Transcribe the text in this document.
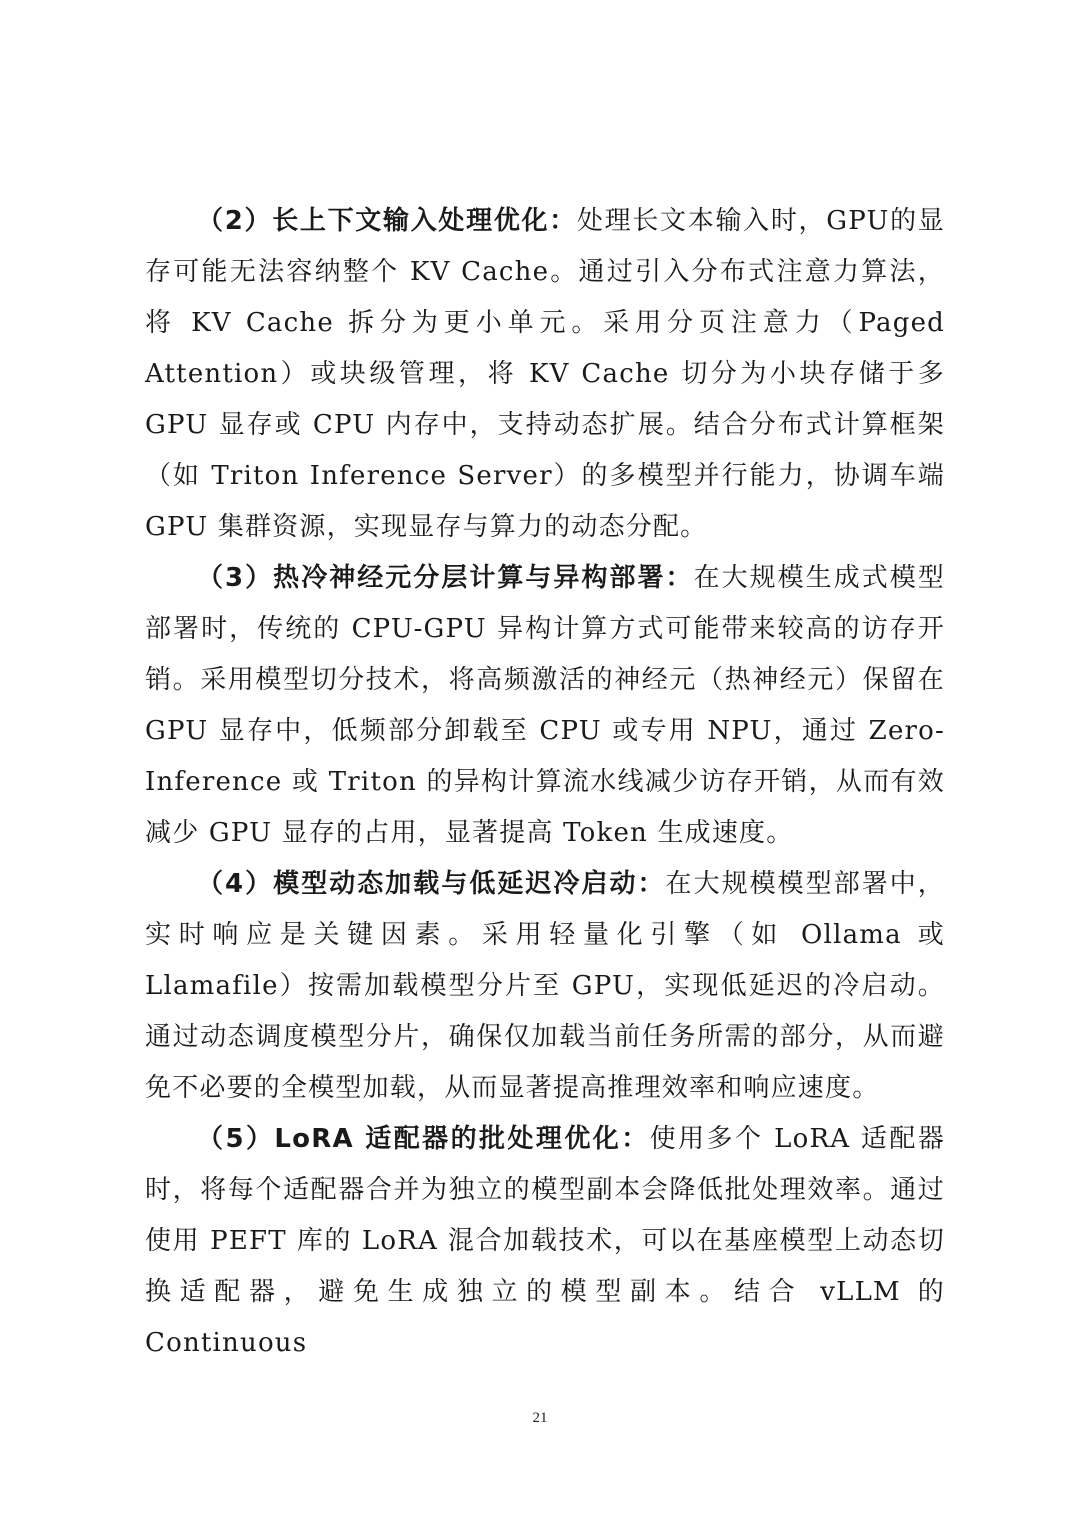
（2）长上下文输入处理优化：处理长文本输入时，GPU的显存可能无法容纳整个 KV Cache。通过引入分布式注意力算法，将 KV Cache 拆分为更小单元。采用分页注意力（Paged Attention）或块级管理，将 KV Cache 切分为小块存储于多 GPU 显存或 CPU 内存中，支持动态扩展。结合分布式计算框架（如 Triton Inference Server）的多模型并行能力，协调车端 GPU 集群资源，实现显存与算力的动态分配。

（3）热冷神经元分层计算与异构部署：在大规模生成式模型部署时，传统的 CPU-GPU 异构计算方式可能带来较高的访存开销。采用模型切分技术，将高频激活的神经元（热神经元）保留在 GPU 显存中，低频部分卸载至 CPU 或专用 NPU，通过 Zero-Inference 或 Triton 的异构计算流水线减少访存开销，从而有效减少 GPU 显存的占用，显著提高 Token 生成速度。

（4）模型动态加载与低延迟冷启动：在大规模模型部署中，实时响应是关键因素。采用轻量化引擎（如 Ollama 或 Llamafile）按需加载模型分片至 GPU，实现低延迟的冷启动。通过动态调度模型分片，确保仅加载当前任务所需的部分，从而避免不必要的全模型加载，从而显著提高推理效率和响应速度。

（5）LoRA 适配器的批处理优化：使用多个 LoRA 适配器时，将每个适配器合并为独立的模型副本会降低批处理效率。通过使用 PEFT 库的 LoRA 混合加载技术，可以在基座模型上动态切换适配器，避免生成独立的模型副本。结合 vLLM 的 Continuous

21
